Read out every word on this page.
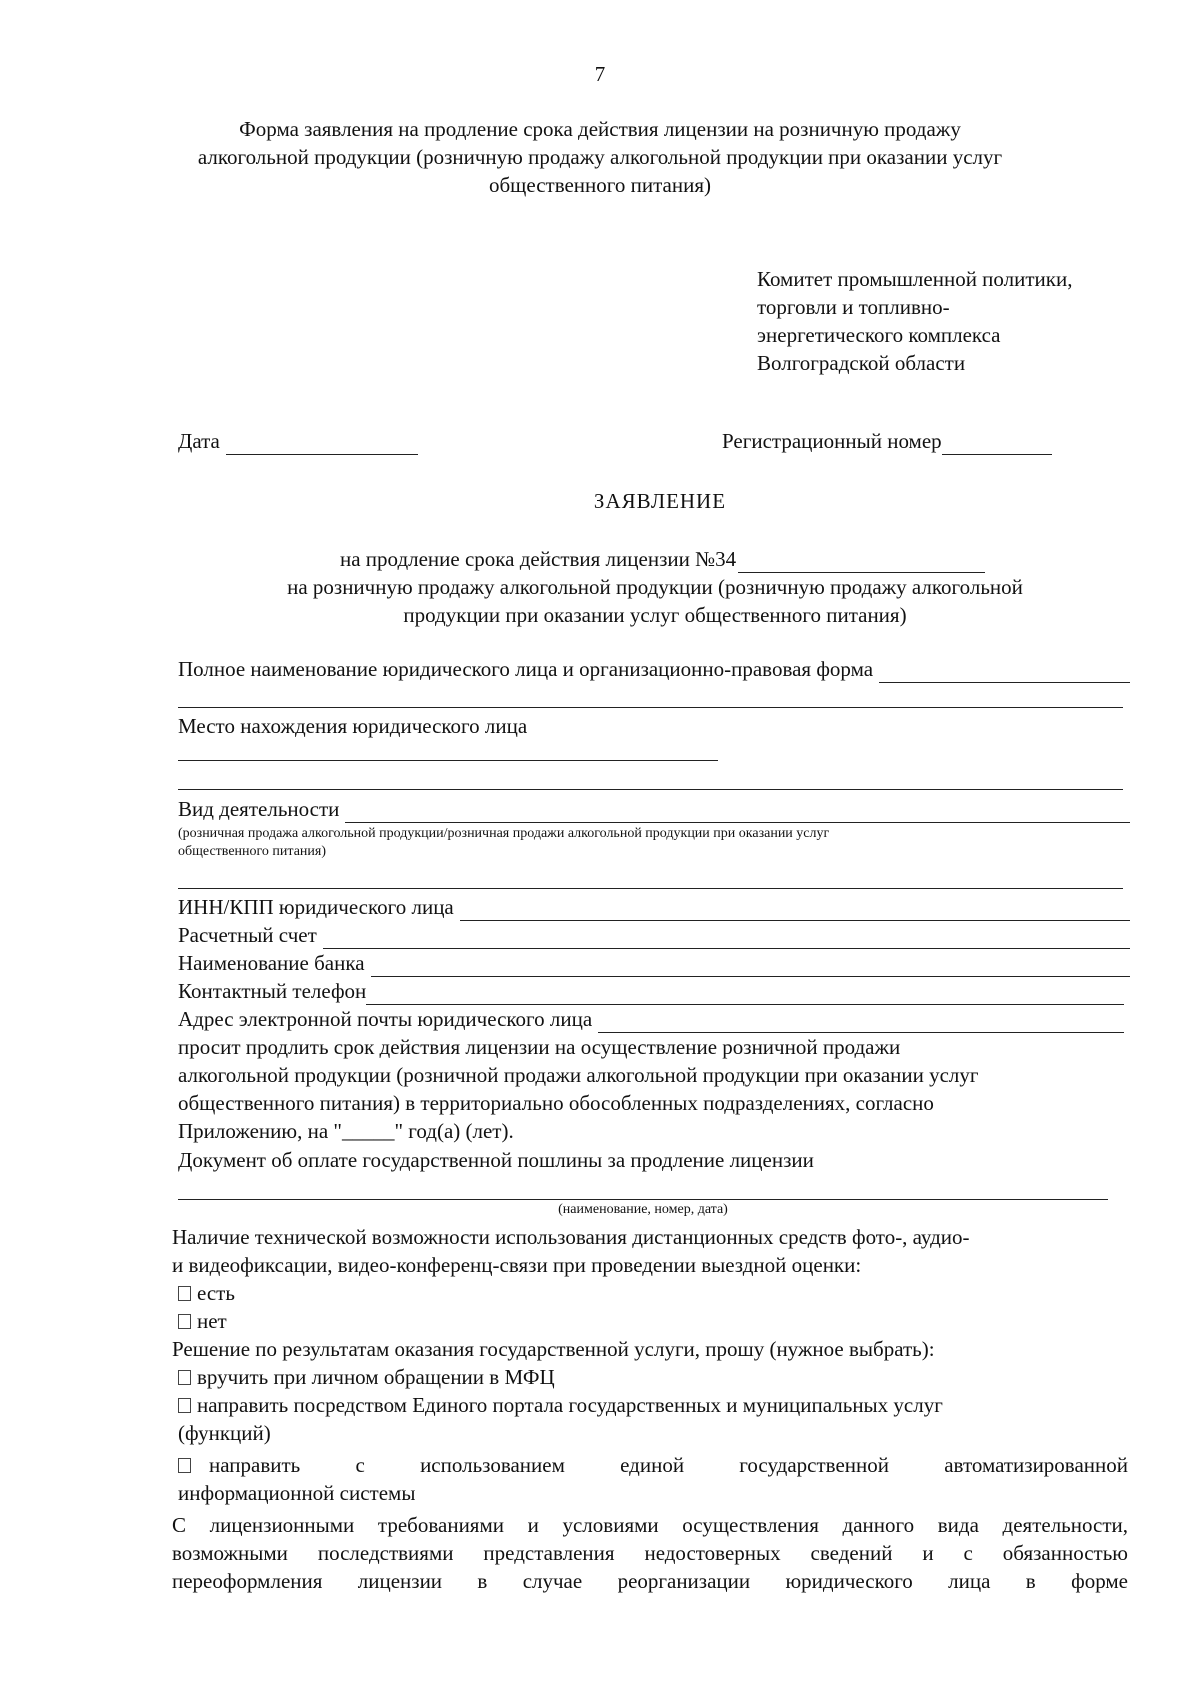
7
Форма заявления на продление срока действия лицензии на розничную продажу
алкогольной продукции (розничную продажу алкогольной продукции при оказании услуг
общественного питания)
Комитет промышленной политики,
торговли и топливно-
энергетического комплекса
Волгоградской области
Дата	Регистрационный номер
ЗАЯВЛЕНИЕ
на продление срока действия лицензии №34
на розничную продажу алкогольной продукции (розничную продажу алкогольной
продукции при оказании услуг общественного питания)
Полное наименование юридического лица и организационно-правовая форма
Место нахождения юридического лица
Вид деятельности
(розничная продажа алкогольной продукции/розничная продажи алкогольной продукции при оказании услуг
общественного питания)
ИНН/КПП юридического лица
Расчетный счет
Наименование банка
Контактный телефон
Адрес электронной почты юридического лица
просит продлить срок действия лицензии на осуществление розничной продажи
алкогольной продукции (розничной продажи алкогольной продукции при оказании услуг
общественного питания) в территориально обособленных подразделениях, согласно
Приложению, на "_____" год(а) (лет).
Документ об оплате государственной пошлины за продление лицензии
(наименование, номер, дата)
Наличие технической возможности использования дистанционных средств фото-, аудио-
и видеофиксации, видео-конференц-связи при проведении выездной оценки:
есть
нет
Решение по результатам оказания государственной услуги, прошу (нужное выбрать):
вручить при личном обращении в МФЦ
направить посредством Единого портала государственных и муниципальных услуг
(функций)
направить с использованием единой государственной автоматизированной
информационной системы
С лицензионными требованиями и условиями осуществления данного вида деятельности,
возможными последствиями представления недостоверных сведений и с обязанностью
переоформления лицензии в случае реорганизации юридического лица в форме
